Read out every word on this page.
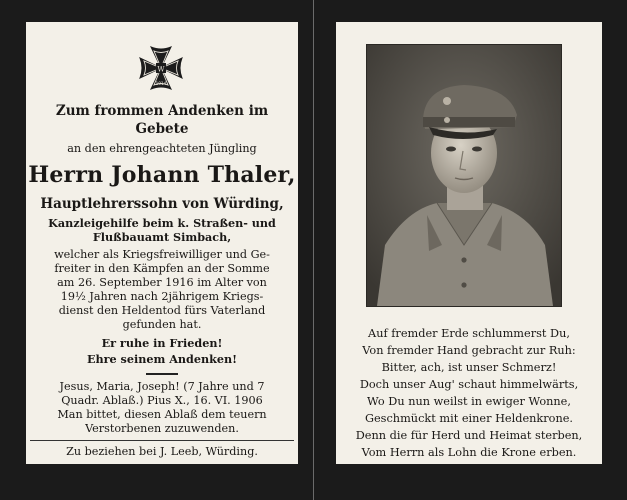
W
1914
Zum frommen Andenken im
Gebete
an den ehrengeachteten Jüngling
Herrn Johann Thaler,
Hauptlehrerssohn von Würding,
Kanzleigehilfe beim k. Straßen- und
Flußbauamt Simbach,
welcher als Kriegsfreiwilliger und Ge-
freiter in den Kämpfen an der Somme
am 26. September 1916 im Alter von
19½ Jahren nach 2jährigem Kriegs-
dienst den Heldentod fürs Vaterland
gefunden hat.
Er ruhe in Frieden!
Ehre seinem Andenken!
Jesus, Maria, Joseph! (7 Jahre und 7
Quadr. Ablaß.) Pius X., 16. VI. 1906
Man bittet, diesen Ablaß dem teuern
Verstorbenen zuzuwenden.
Zu beziehen bei J. Leeb, Würding.
Auf fremder Erde schlummerst Du,
Von fremder Hand gebracht zur Ruh:
Bitter, ach, ist unser Schmerz!
Doch unser Aug' schaut himmelwärts,
Wo Du nun weilst in ewiger Wonne,
Geschmückt mit einer Heldenkrone.
Denn die für Herd und Heimat sterben,
Vom Herrn als Lohn die Krone erben.
